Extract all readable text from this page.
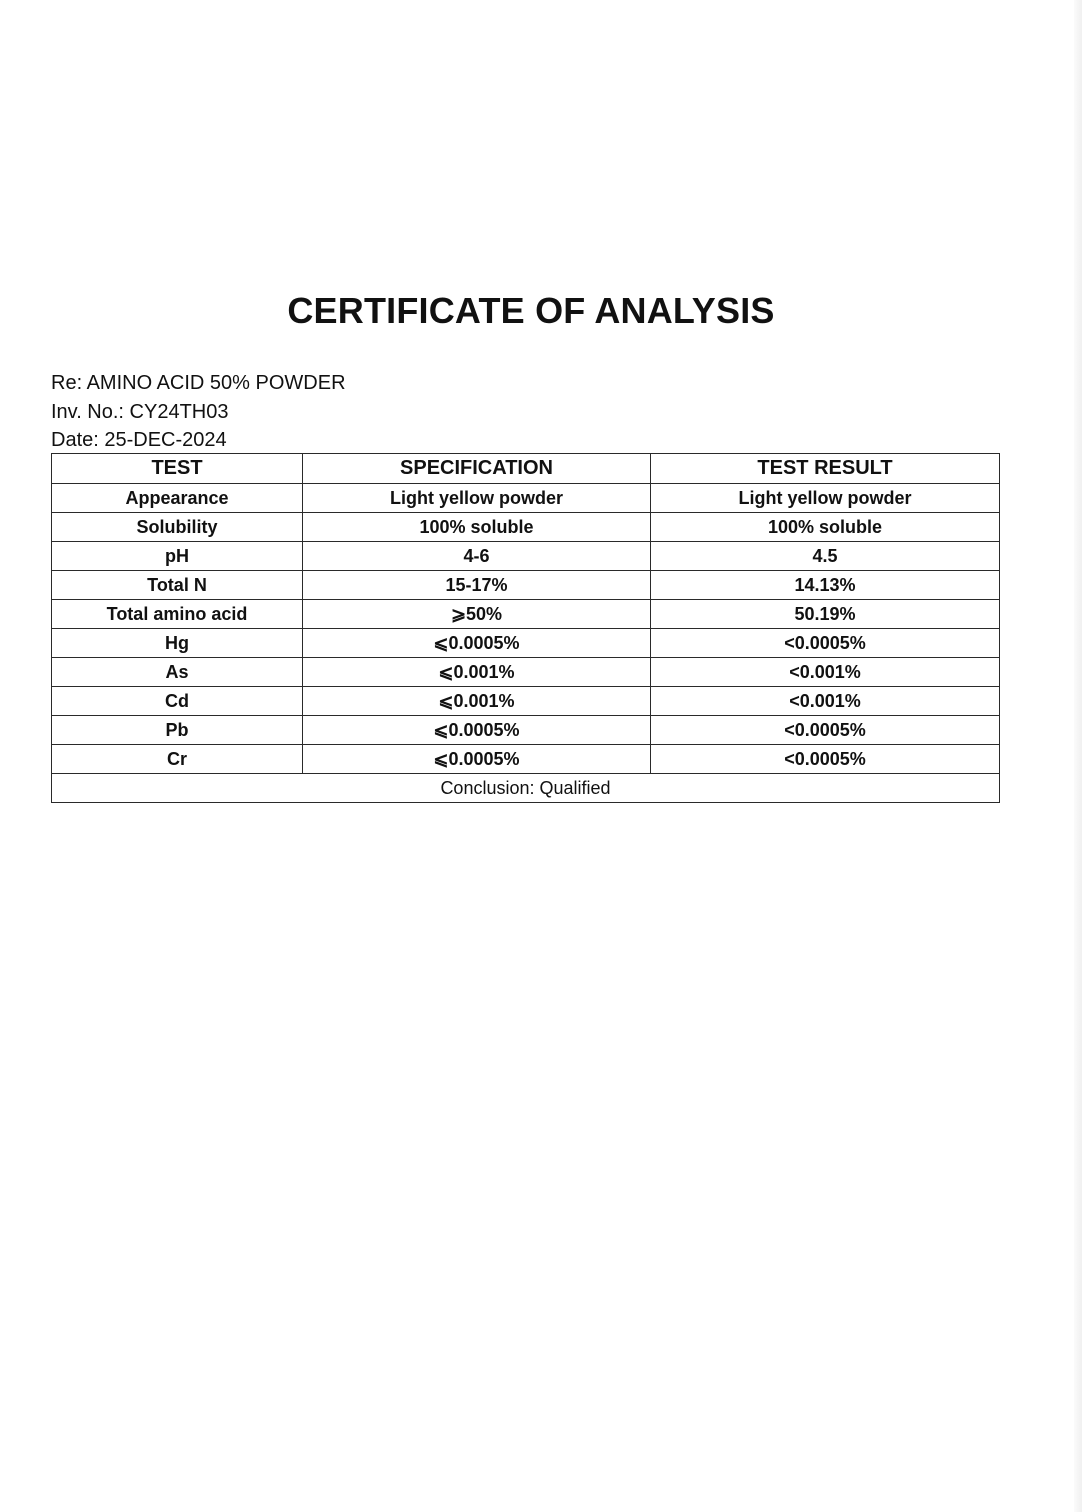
CERTIFICATE OF ANALYSIS
Re: AMINO ACID 50% POWDER
Inv. No.: CY24TH03
Date: 25-DEC-2024
TEST	SPECIFICATION	TEST RESULT
Appearance	Light yellow powder	Light yellow powder
Solubility	100% soluble	100% soluble
pH	4-6	4.5
Total N	15-17%	14.13%
Total amino acid	⩾50%	50.19%
Hg	⩽0.0005%	<0.0005%
As	⩽0.001%	<0.001%
Cd	⩽0.001%	<0.001%
Pb	⩽0.0005%	<0.0005%
Cr	⩽0.0005%	<0.0005%
Conclusion: Qualified		
